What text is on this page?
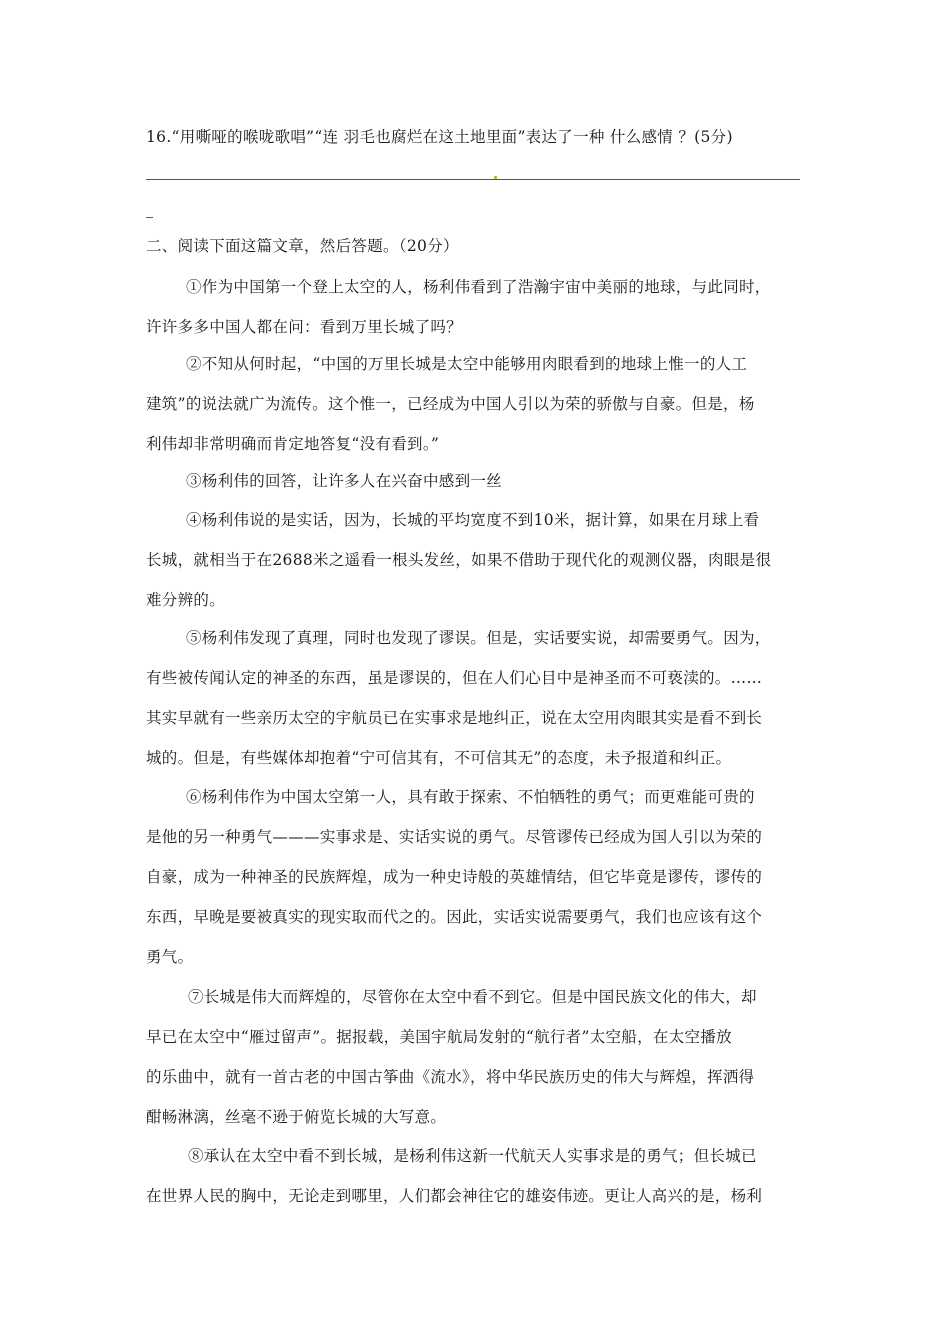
16.“用嘶哑的喉咙歌唱”“连 羽毛也腐烂在这土地里面”表达了一种 什么感情 ？(5分)
二、阅读下面这篇文章，然后答题。（20分）
①作为中国第一个登上太空的人，杨利伟看到了浩瀚宇宙中美丽的地球，与此同时，
许许多多中国人都在问：看到万里长城了吗？
②不知从何时起，“中国的万里长城是太空中能够用肉眼看到的地球上惟一的人工
建筑”的说法就广为流传。这个惟一，已经成为中国人引以为荣的骄傲与自豪。但是，杨
利伟却非常明确而肯定地答复“没有看到。”
③杨利伟的回答，让许多人在兴奋中感到一丝
④杨利伟说的是实话，因为，长城的平均宽度不到10米，据计算，如果在月球上看
长城，就相当于在2688米之遥看一根头发丝，如果不借助于现代化的观测仪器，肉眼是很
难分辨的。
⑤杨利伟发现了真理，同时也发现了谬误。但是，实话要实说，却需要勇气。因为，
有些被传闻认定的神圣的东西，虽是谬误的，但在人们心目中是神圣而不可亵渎的。……
其实早就有一些亲历太空的宇航员已在实事求是地纠正，说在太空用肉眼其实是看不到长
城的。但是，有些媒体却抱着“宁可信其有，不可信其无”的态度，未予报道和纠正。
⑥杨利伟作为中国太空第一人，具有敢于探索、不怕牺牲的勇气；而更难能可贵的
是他的另一种勇气———实事求是、实话实说的勇气。尽管谬传已经成为国人引以为荣的
自豪，成为一种神圣的民族辉煌，成为一种史诗般的英雄情结，但它毕竟是谬传，谬传的
东西，早晚是要被真实的现实取而代之的。因此，实话实说需要勇气，我们也应该有这个
勇气。
⑦长城是伟大而辉煌的，尽管你在太空中看不到它。但是中国民族文化的伟大，却
早已在太空中“雁过留声”。据报载，美国宇航局发射的“航行者”太空船，在太空播放
的乐曲中，就有一首古老的中国古筝曲《流水》，将中华民族历史的伟大与辉煌，挥洒得
酣畅淋漓，丝毫不逊于俯览长城的大写意。
⑧承认在太空中看不到长城，是杨利伟这新一代航天人实事求是的勇气；但长城已
在世界人民的胸中，无论走到哪里，人们都会神往它的雄姿伟迹。更让人高兴的是，杨利
